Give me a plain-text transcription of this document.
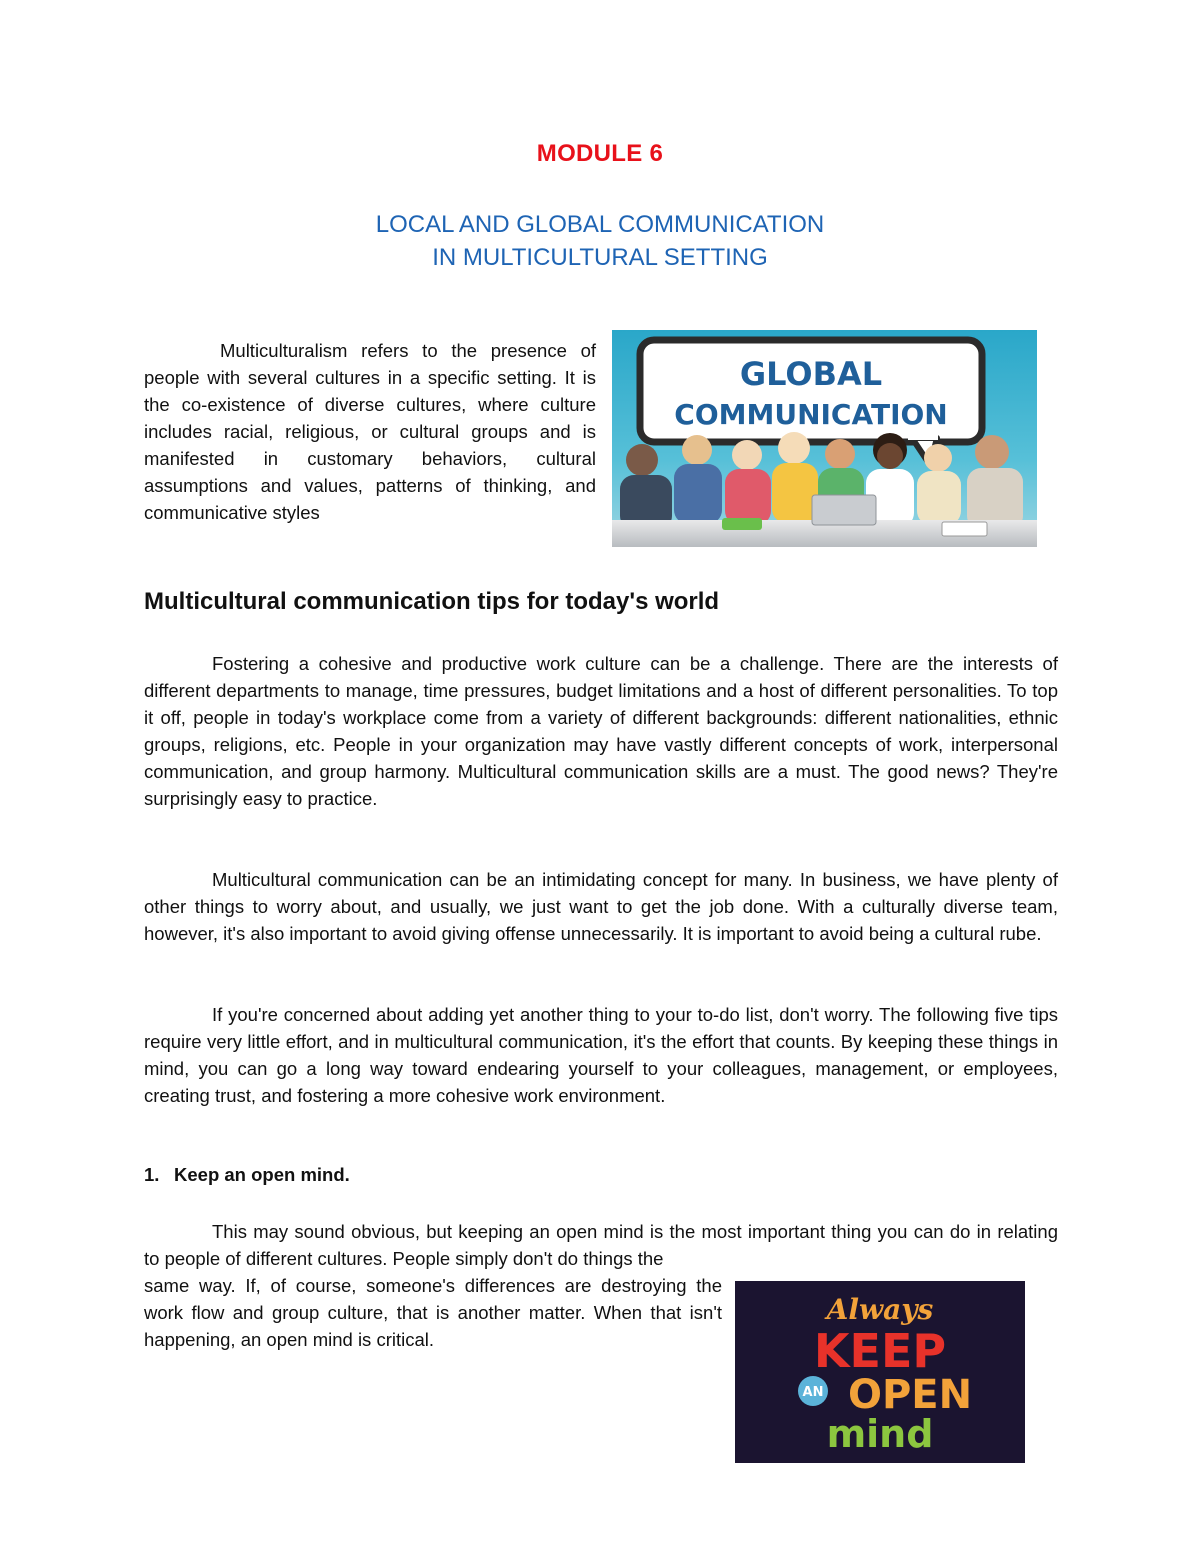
MODULE 6
LOCAL AND GLOBAL COMMUNICATION
IN MULTICULTURAL SETTING

Multiculturalism refers to the presence of people with several cultures in a specific setting. It is the co-existence of diverse cultures, where culture includes racial, religious, or cultural groups and is manifested in customary behaviors, cultural assumptions and values, patterns of thinking, and communicative styles

GLOBAL
COMMUNICATION
Multicultural communication tips for today's world

Fostering a cohesive and productive work culture can be a challenge. There are the interests of different departments to manage, time pressures, budget limitations and a host of different personalities. To top it off, people in today's workplace come from a variety of different backgrounds: different nationalities, ethnic groups, religions, etc. People in your organization may have vastly different concepts of work, interpersonal communication, and group harmony. Multicultural communication skills are a must. The good news? They're surprisingly easy to practice.

Multicultural communication can be an intimidating concept for many. In business, we have plenty of other things to worry about, and usually, we just want to get the job done. With a culturally diverse team, however, it's also important to avoid giving offense unnecessarily. It is important to avoid being a cultural rube.

If you're concerned about adding yet another thing to your to-do list, don't worry. The following five tips require very little effort, and in multicultural communication, it's the effort that counts. By keeping these things in mind, you can go a long way toward endearing yourself to your colleagues, management, or employees, creating trust, and fostering a more cohesive work environment.

1. Keep an open mind.

This may sound obvious, but keeping an open mind is the most important thing you can do in relating to people of different cultures. People simply don't do things the

same way. If, of course, someone's differences are destroying the work flow and group culture, that is another matter. When that isn't happening, an open mind is critical.

Always
KEEP
AN OPEN
mind
